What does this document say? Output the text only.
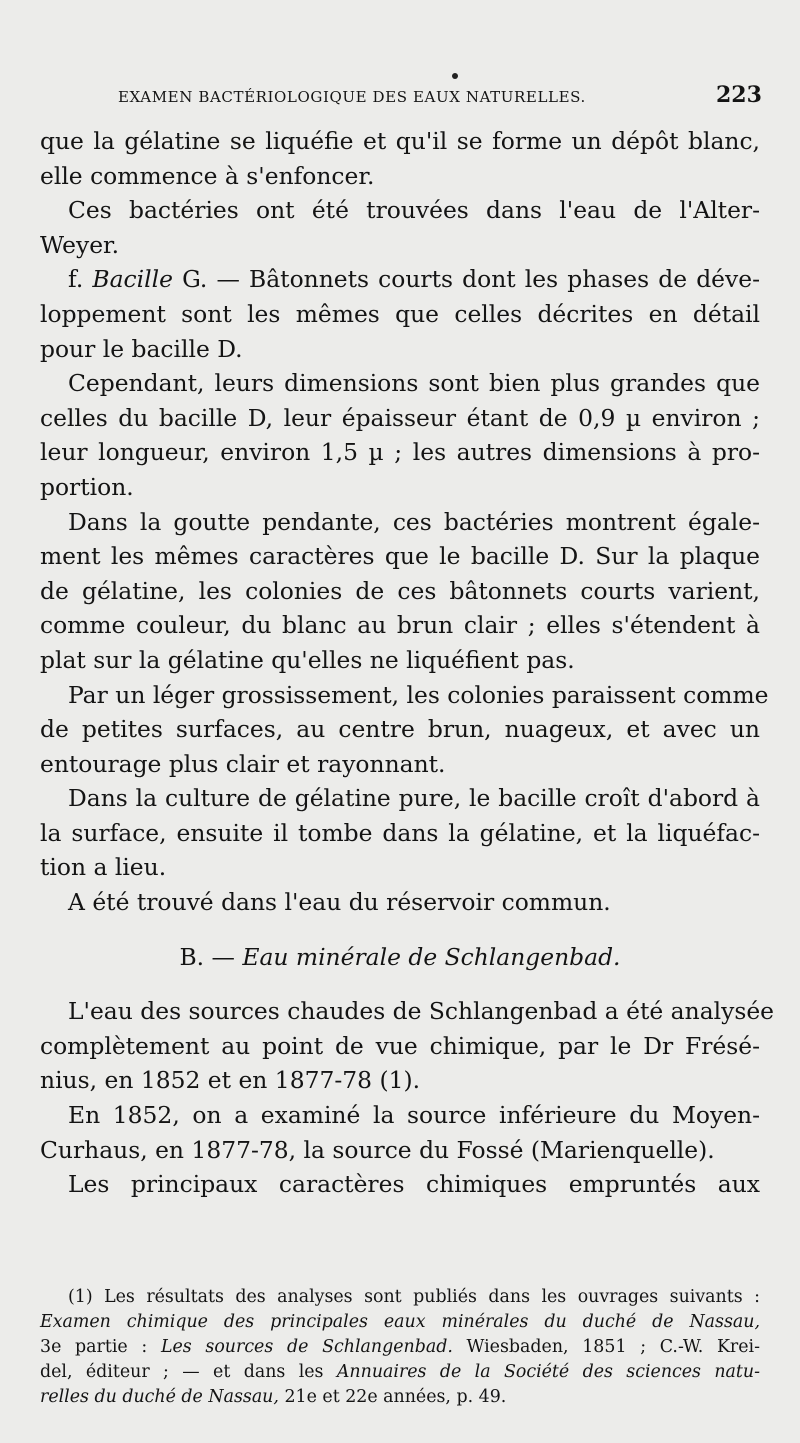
EXAMEN BACTÉRIOLOGIQUE DES EAUX NATURELLES.	223
que la gélatine se liquéfie et qu'il se forme un dépôt blanc,
elle commence à s'enfoncer.
Ces bactéries ont été trouvées dans l'eau de l'Alter-
Weyer.
f. Bacille G. — Bâtonnets courts dont les phases de déve-
loppement sont les mêmes que celles décrites en détail
pour le bacille D.
Cependant, leurs dimensions sont bien plus grandes que
celles du bacille D, leur épaisseur étant de 0,9 µ environ ;
leur longueur, environ 1,5 µ ; les autres dimensions à pro-
portion.
Dans la goutte pendante, ces bactéries montrent égale-
ment les mêmes caractères que le bacille D. Sur la plaque
de gélatine, les colonies de ces bâtonnets courts varient,
comme couleur, du blanc au brun clair ; elles s'étendent à
plat sur la gélatine qu'elles ne liquéfient pas.
Par un léger grossissement, les colonies paraissent comme
de petites surfaces, au centre brun, nuageux, et avec un
entourage plus clair et rayonnant.
Dans la culture de gélatine pure, le bacille croît d'abord à
la surface, ensuite il tombe dans la gélatine, et la liquéfac-
tion a lieu.
A été trouvé dans l'eau du réservoir commun.
B. — Eau minérale de Schlangenbad.
L'eau des sources chaudes de Schlangenbad a été analysée
complètement au point de vue chimique, par le Dr Frésé-
nius, en 1852 et en 1877-78 (1).
En 1852, on a examiné la source inférieure du Moyen-
Curhaus, en 1877-78, la source du Fossé (Marienquelle).
Les principaux caractères chimiques empruntés aux
(1) Les résultats des analyses sont publiés dans les ouvrages suivants :
Examen chimique des principales eaux minérales du duché de Nassau,
3e partie : Les sources de Schlangenbad. Wiesbaden, 1851 ; C.-W. Krei-
del, éditeur ; — et dans les Annuaires de la Société des sciences natu-
relles du duché de Nassau, 21e et 22e années, p. 49.
